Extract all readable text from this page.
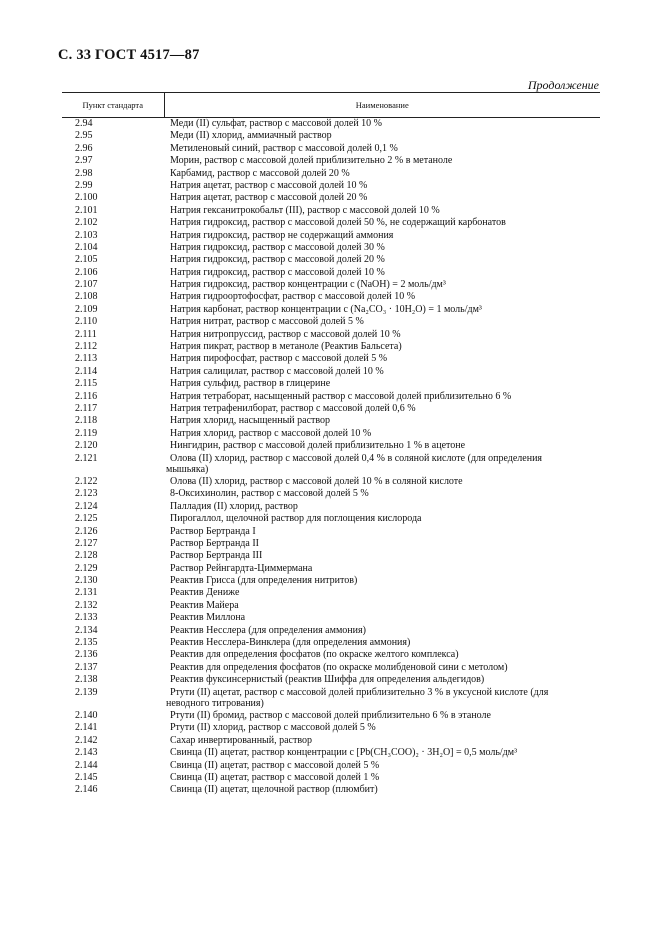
С. 33 ГОСТ 4517—87
Продолжение
Пункт стандарта	Наименование
2.94	Меди (II) сульфат, раствор с массовой долей 10 %

2.95	Меди (II) хлорид, аммиачный раствор

2.96	Метиленовый синий, раствор с массовой долей 0,1 %

2.97	Морин, раствор с массовой долей приблизительно 2 % в метаноле

2.98	Карбамид, раствор с массовой долей 20 %

2.99	Натрия ацетат, раствор с массовой долей 10 %

2.100	Натрия ацетат, раствор с массовой долей 20 %

2.101	Натрия гексанитрокобальт (III), раствор с массовой долей 10 %

2.102	Натрия гидроксид, раствор с массовой долей 50 %, не содержащий карбонатов

2.103	Натрия гидроксид, раствор не содержащий аммония

2.104	Натрия гидроксид, раствор с массовой долей 30 %

2.105	Натрия гидроксид, раствор с массовой долей 20 %

2.106	Натрия гидроксид, раствор с массовой долей 10 %

2.107	Натрия гидроксид, раствор концентрации c (NaOH) = 2 моль/дм³

2.108	Натрия гидроортофосфат, раствор с массовой долей 10 %

2.109	Натрия карбонат, раствор концентрации c (Na₂CO₃ · 10H₂O) = 1 моль/дм³

2.110	Натрия нитрат, раствор с массовой долей 5 %

2.111	Натрия нитропруссид, раствор с массовой долей 10 %

2.112	Натрия пикрат, раствор в метаноле (Реактив Бальсета)

2.113	Натрия пирофосфат, раствор с массовой долей 5 %

2.114	Натрия салицилат, раствор с массовой долей 10 %

2.115	Натрия сульфид, раствор в глицерине

2.116	Натрия тетраборат, насыщенный раствор с массовой долей приблизительно 6 %

2.117	Натрия тетрафенилборат, раствор с массовой долей 0,6 %

2.118	Натрия хлорид, насыщенный раствор

2.119	Натрия хлорид, раствор с массовой долей 10 %

2.120	Нингидрин, раствор с массовой долей приблизительно 1 % в ацетоне

2.121	Олова (II) хлорид, раствор с массовой долей 0,4 % в соляной кислоте (для определения
мышьяка)

2.122	Олова (II) хлорид, раствор с массовой долей 10 % в соляной кислоте

2.123	8-Оксихинолин, раствор с массовой долей 5 %

2.124	Палладия (II) хлорид, раствор

2.125	Пирогаллол, щелочной раствор для поглощения кислорода

2.126	Раствор Бертранда I

2.127	Раствор Бертранда II

2.128	Раствор Бертранда III

2.129	Раствор Рейнгардта-Циммермана

2.130	Реактив Грисса (для определения нитритов)

2.131	Реактив Дениже

2.132	Реактив Майера

2.133	Реактив Миллона

2.134	Реактив Несслера (для определения аммония)

2.135	Реактив Несслера-Винклера (для определения аммония)

2.136	Реактив для определения фосфатов (по окраске желтого комплекса)

2.137	Реактив для определения фосфатов (по окраске молибденовой сини с метолом)

2.138	Реактив фуксинсернистый (реактив Шиффа для определения альдегидов)

2.139	Ртути (II) ацетат, раствор с массовой долей приблизительно 3 % в уксусной кислоте (для
неводного титрования)

2.140	Ртути (II) бромид, раствор с массовой долей приблизительно 6 % в этаноле

2.141	Ртути (II) хлорид, раствор с массовой долей 5 %

2.142	Сахар инвертированный, раствор

2.143	Свинца (II) ацетат, раствор концентрации c [Pb(CH₃COO)₂ · 3H₂O] = 0,5 моль/дм³

2.144	Свинца (II) ацетат, раствор с массовой долей 5 %

2.145	Свинца (II) ацетат, раствор с массовой долей 1 %

2.146	Свинца (II) ацетат, щелочной раствор (плюмбит)
